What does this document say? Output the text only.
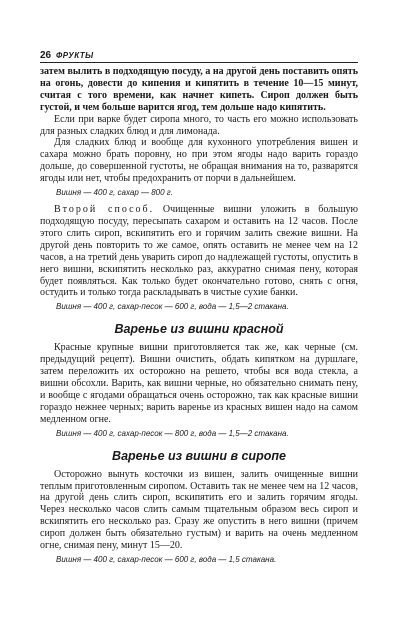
26 ФРУКТЫ

затем вылить в подходящую посуду, а на другой день поставить опять на огонь, довести до кипения и кипятить в течение 10—15 минут, считая с того времени, как начнет кипеть. Сироп должен быть густой, и чем больше варится ягод, тем дольше надо кипятить.

Если при варке будет сиропа много, то часть его можно использовать для разных сладких блюд и для лимонада.

Для сладких блюд и вообще для кухонного употребления вишен и сахара можно брать поровну, но при этом ягоды надо варить гораздо дольше, до совершенной густоты, не обращая внимания на то, разварятся ягоды или нет, чтобы предохранить от порчи в дальнейшем.

Вишня — 400 г, сахар — 800 г.

Второй способ. Очищенные вишни уложить в большую подходящую посуду, пересыпать сахаром и оставить на 12 часов. После этого слить сироп, вскипятить его и горячим залить свежие вишни. На другой день повторить то же самое, опять оставить не менее чем на 12 часов, а на третий день уварить сироп до надлежащей густоты, опустить в него вишни, вскипятить несколько раз, аккуратно снимая пену, которая будет появляться. Как только будет окончательно готово, снять с огня, остудить и только тогда раскладывать в чистые сухие банки.

Вишня — 400 г, сахар-песок — 600 г, вода — 1,5—2 стакана.
Варенье из вишни красной

Красные крупные вишни приготовляется так же, как черные (см. предыдущий рецепт). Вишни очистить, обдать кипятком на дуршлаге, затем переложить их осторожно на решето, чтобы вся вода стекла, а вишни обсохли. Варить, как вишни черные, но обязательно снимать пену, и вообще с ягодами обращаться очень осторожно, так как красные вишни гораздо нежнее черных; варить варенье из красных вишен надо на самом медленном огне.

Вишня — 400 г, сахар-песок — 800 г, вода — 1,5—2 стакана.
Варенье из вишни в сиропе

Осторожно вынуть косточки из вишен, залить очищенные вишни теплым приготовленным сиропом. Оставить так не менее чем на 12 часов, на другой день слить сироп, вскипятить его и залить горячим ягоды. Через несколько часов слить самым тщательным образом весь сироп и вскипятить его несколько раз. Сразу же опустить в него вишни (причем сироп должен быть обязательно густым) и варить на очень медленном огне, снимая пену, минут 15—20.

Вишня — 400 г, сахар-песок — 600 г, вода — 1,5 стакана.
